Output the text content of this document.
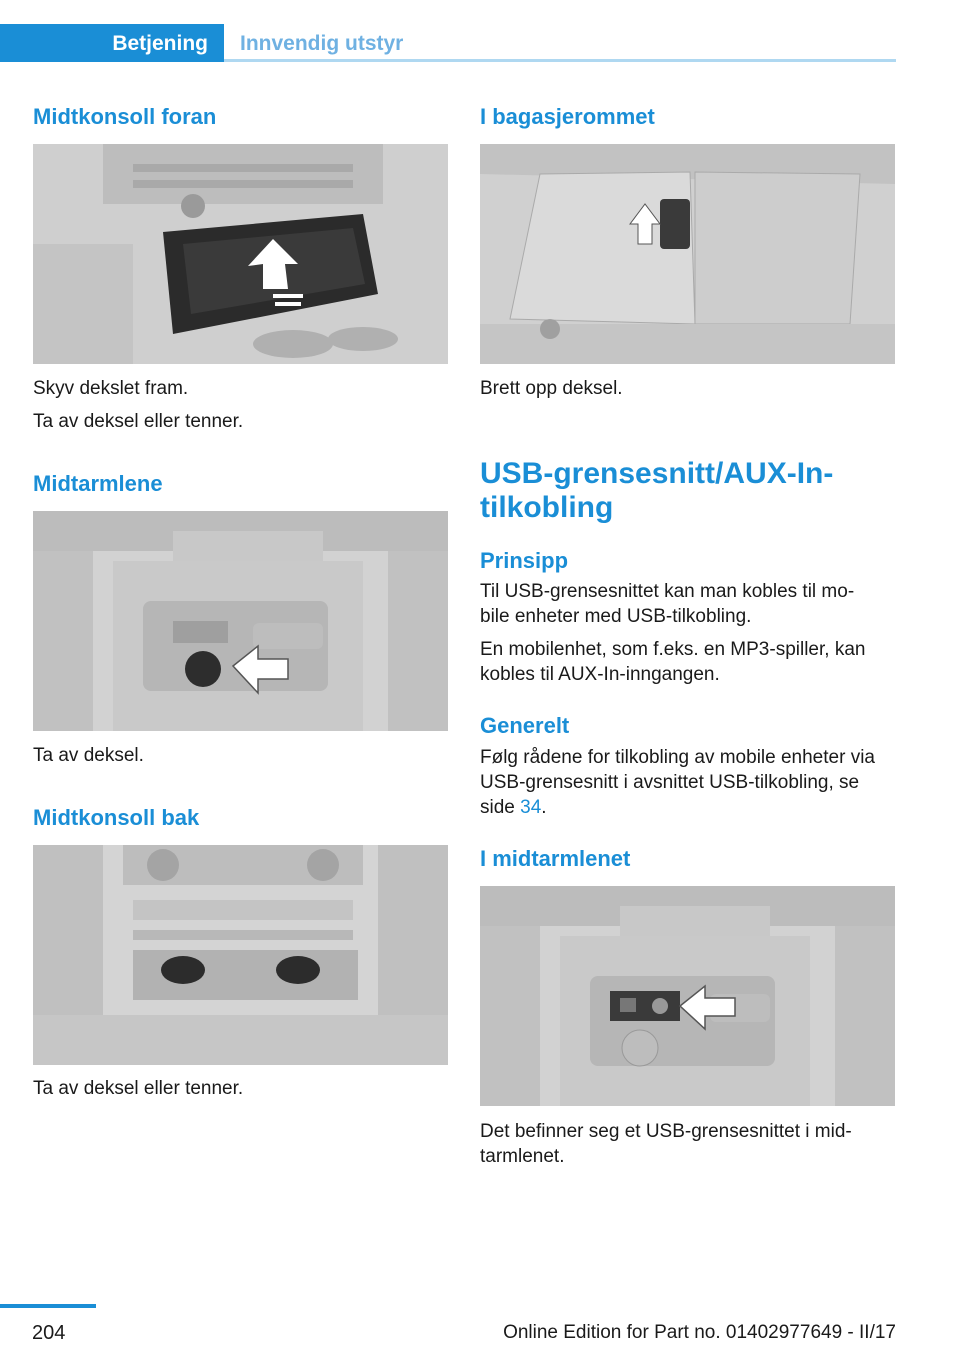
Betjening Innvendig utstyr
Midtkonsoll foran
Skyv dekslet fram.
Ta av deksel eller tenner.
Midtarmlene
Ta av deksel.
Midtkonsoll bak
Ta av deksel eller tenner.
I bagasjerommet
Brett opp deksel.
USB-grensesnitt/AUX-In-
tilkobling
Prinsipp
Til USB-grensesnittet kan man kobles til mo-
bile enheter med USB-tilkobling.
En mobilenhet, som f.eks. en MP3-spiller, kan
kobles til AUX-In-inngangen.
Generelt
Følg rådene for tilkobling av mobile enheter via
USB-grensesnitt i avsnittet USB-tilkobling, se
side 34.
I midtarmlenet
Det befinner seg et USB-grensesnittet i mid-
tarmlenet.
204	Online Edition for Part no. 01402977649 - II/17
